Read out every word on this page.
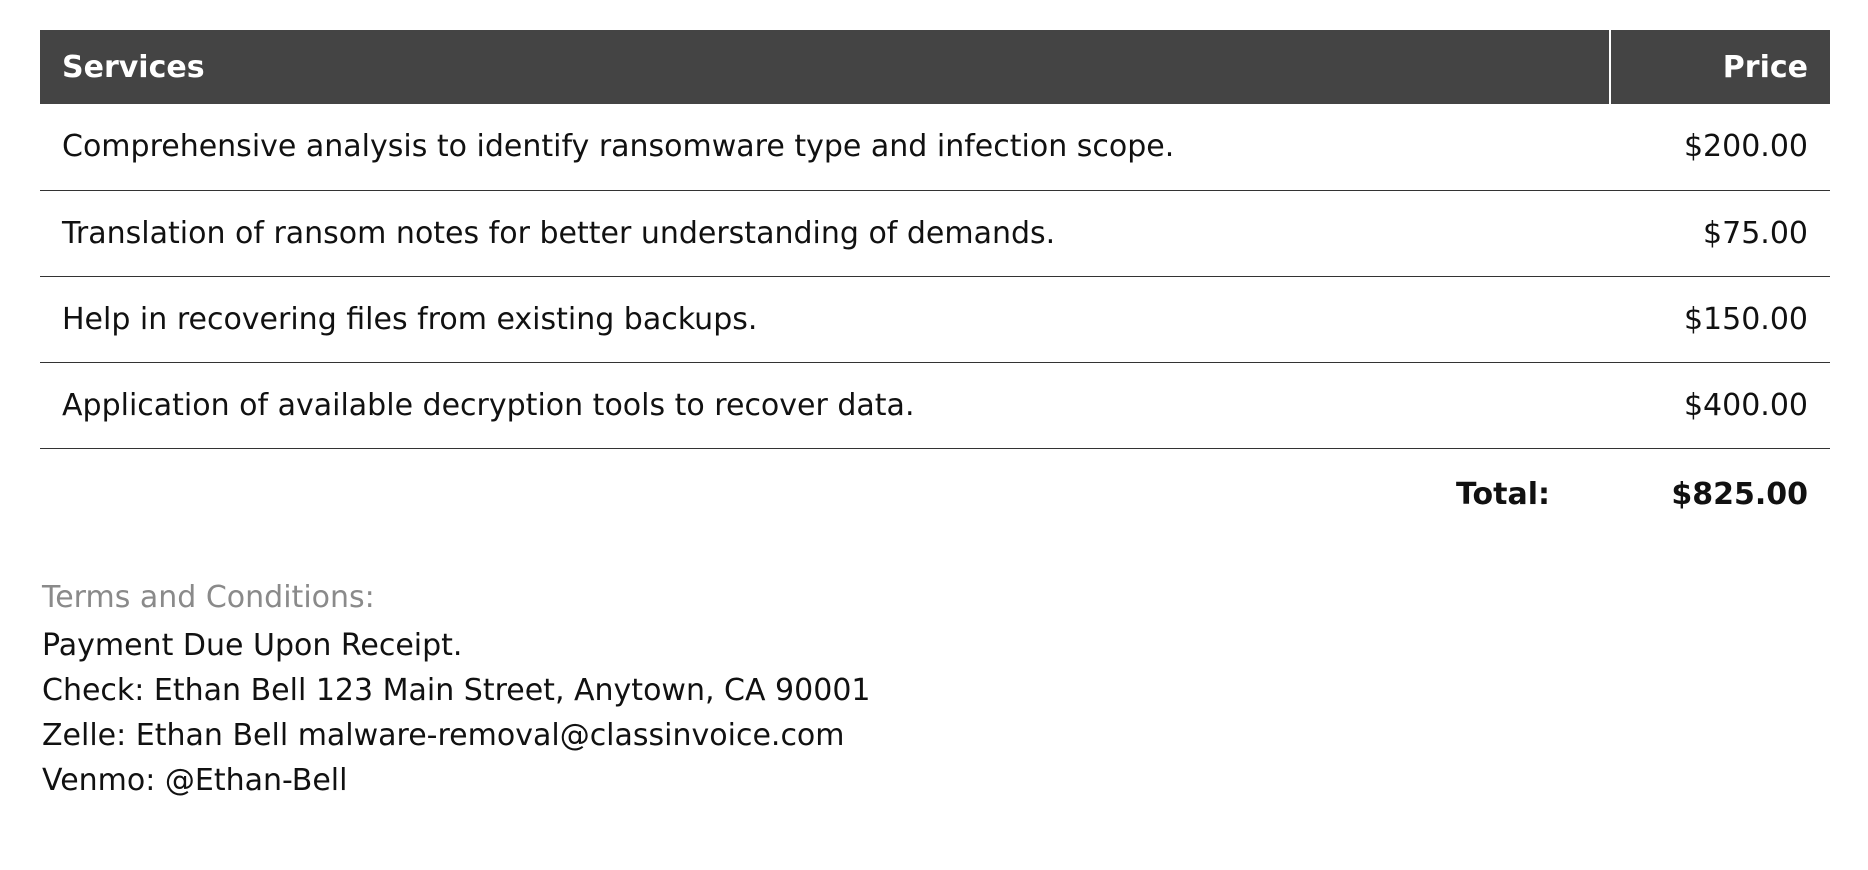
Services	Price
Comprehensive analysis to identify ransomware type and infection scope.	$200.00
Translation of ransom notes for better understanding of demands.	$75.00
Help in recovering files from existing backups.	$150.00
Application of available decryption tools to recover data.	$400.00
Total:	$825.00
Terms and Conditions:
Payment Due Upon Receipt.
Check: Ethan Bell 123 Main Street, Anytown, CA 90001
Zelle: Ethan Bell malware-removal@classinvoice.com
Venmo: @Ethan-Bell
